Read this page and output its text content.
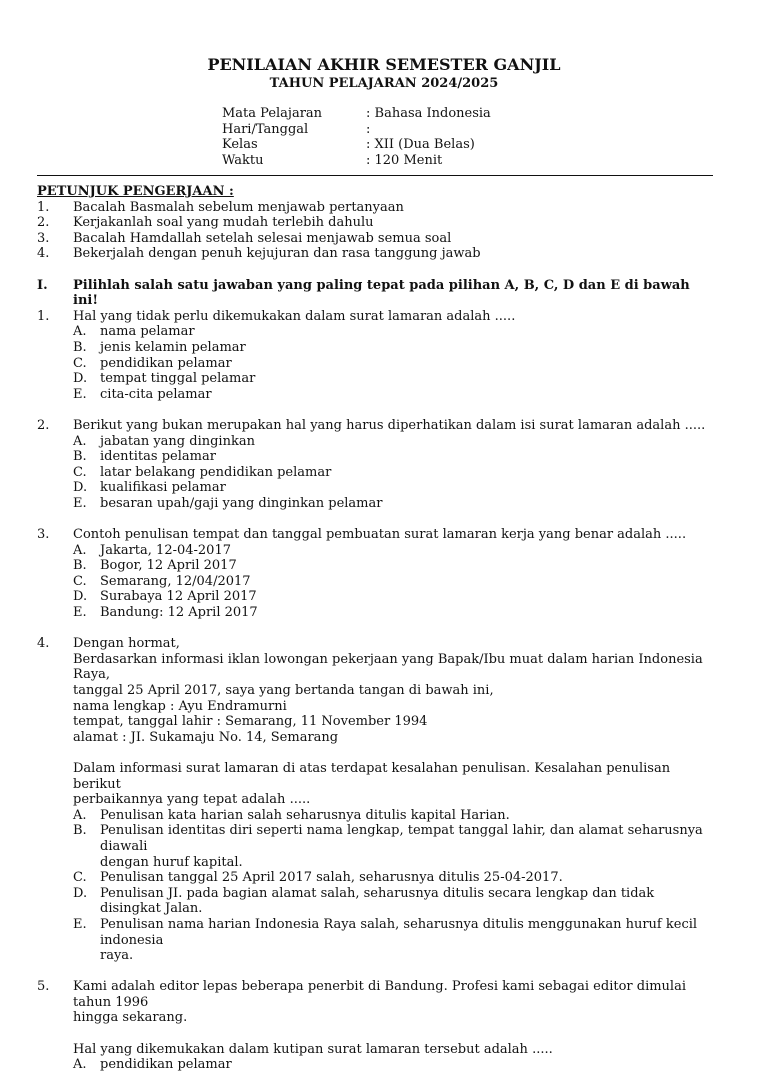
PENILAIAN AKHIR SEMESTER GANJIL
TAHUN PELAJARAN 2024/2025
Mata Pelajaran	: Bahasa Indonesia
Hari/Tanggal	:
Kelas	: XII (Dua Belas)
Waktu	: 120 Menit
PETUNJUK PENGERJAAN :
1.	Bacalah Basmalah sebelum menjawab pertanyaan
2.	Kerjakanlah soal yang mudah terlebih dahulu
3.	Bacalah Hamdallah setelah selesai menjawab semua soal
4.	Bekerjalah dengan penuh kejujuran dan rasa tanggung jawab
I.	Pilihlah salah satu jawaban yang paling tepat pada pilihan A, B, C, D dan E di bawah ini!
1.	Hal yang tidak perlu dikemukakan dalam surat lamaran adalah .....
A.	nama pelamar
B.	jenis kelamin pelamar
C.	pendidikan pelamar
D. tempat tinggal pelamar
E.	cita-cita pelamar
2.	Berikut yang bukan merupakan hal yang harus diperhatikan dalam isi surat lamaran adalah .....
A.	jabatan yang dinginkan
B.	identitas pelamar
C.	latar belakang pendidikan pelamar
D. kualifikasi pelamar
E.	besaran upah/gaji yang dinginkan pelamar
3.	Contoh penulisan tempat dan tanggal pembuatan surat lamaran kerja yang benar adalah .....
A.	Jakarta, 12-04-2017
B.	Bogor, 12 April 2017
C.	Semarang, 12/04/2017
D. Surabaya 12 April 2017
E.	Bandung: 12 April 2017
4.	Dengan hormat,
Berdasarkan informasi iklan lowongan pekerjaan yang Bapak/Ibu muat dalam harian Indonesia Raya,
tanggal 25 April 2017, saya yang bertanda tangan di bawah ini,
nama lengkap : Ayu Endramurni
tempat, tanggal lahir : Semarang, 11 November 1994
alamat : JI. Sukamaju No. 14, Semarang
Dalam informasi surat lamaran di atas terdapat kesalahan penulisan. Kesalahan penulisan berikut
perbaikannya yang tepat adalah .....
A.	Penulisan kata harian salah seharusnya ditulis kapital Harian.
B.	Penulisan identitas diri seperti nama lengkap, tempat tanggal lahir, dan alamat seharusnya diawali
dengan huruf kapital.
C.	Penulisan tanggal 25 April 2017 salah, seharusnya ditulis 25-04-2017.
D. Penulisan JI. pada bagian alamat salah, seharusnya ditulis secara lengkap dan tidak disingkat Jalan.
E.	Penulisan nama harian Indonesia Raya salah, seharusnya ditulis menggunakan huruf kecil indonesia
raya.
5.	Kami adalah editor lepas beberapa penerbit di Bandung. Profesi kami sebagai editor dimulai tahun 1996
hingga sekarang.
Hal yang dikemukakan dalam kutipan surat lamaran tersebut adalah .....
A.	pendidikan pelamar
